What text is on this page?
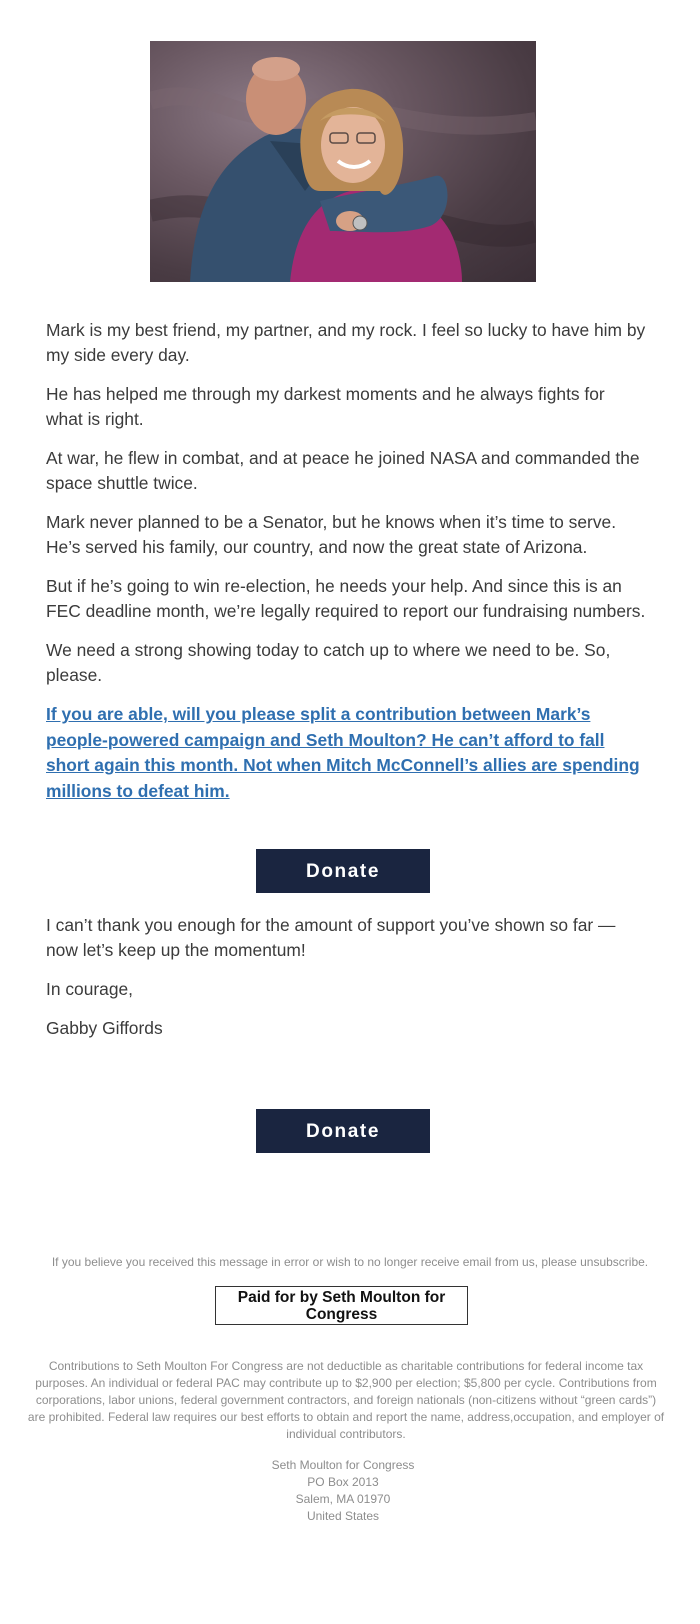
Mark is my best friend, my partner, and my rock. I feel so lucky to have him by my side every day.

He has helped me through my darkest moments and he always fights for what is right.

At war, he flew in combat, and at peace he joined NASA and commanded the space shuttle twice.

Mark never planned to be a Senator, but he knows when it’s time to serve. He’s served his family, our country, and now the great state of Arizona.

But if he’s going to win re-election, he needs your help. And since this is an FEC deadline month, we’re legally required to report our fundraising numbers.

We need a strong showing today to catch up to where we need to be. So, please.

If you are able, will you please split a contribution between Mark’s people-powered campaign and Seth Moulton? He can’t afford to fall short again this month. Not when Mitch McConnell’s allies are spending millions to defeat him.
Donate

I can’t thank you enough for the amount of support you’ve shown so far — now let’s keep up the momentum!

In courage,

Gabby Giffords

Donate
If you believe you received this message in error or wish to no longer receive email from us, please unsubscribe.
Paid for by Seth Moulton for Congress
Contributions to Seth Moulton For Congress are not deductible as charitable contributions for federal income tax purposes. An individual or federal PAC may contribute up to $2,900 per election; $5,800 per cycle. Contributions from corporations, labor unions, federal government contractors, and foreign nationals (non-citizens without “green cards”) are prohibited. Federal law requires our best efforts to obtain and report the name, address,occupation, and employer of individual contributors.
Seth Moulton for Congress
PO Box 2013
Salem, MA 01970
United States
